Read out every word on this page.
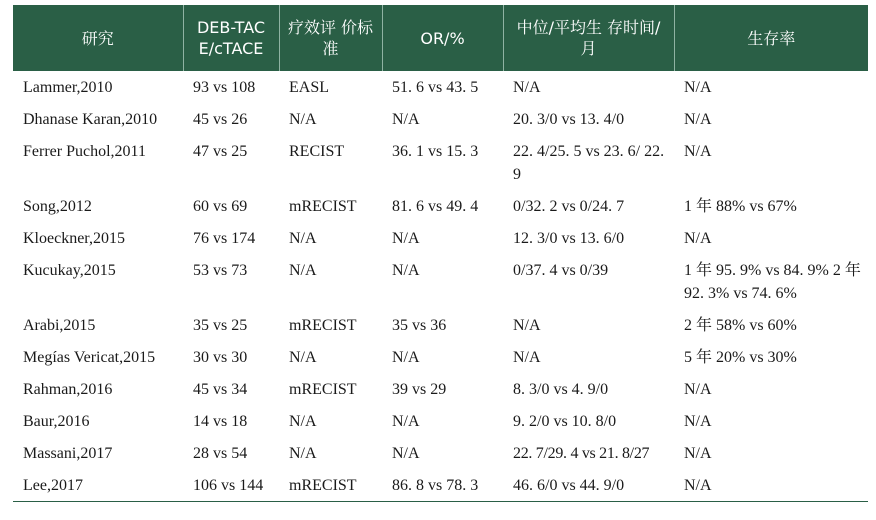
研究	DEB-TAC E/cTACE	疗效评 价标准	OR/%	中位/平均生 存时间/月	生存率
Lammer,2010	93 vs 108	EASL	51. 6 vs 43. 5	N/A	N/A
Dhanase Karan,2010	45 vs 26	N/A	N/A	20. 3/0 vs 13. 4/0	N/A
Ferrer Puchol,2011	47 vs 25	RECIST	36. 1 vs 15. 3	22. 4/25. 5 vs 23. 6/ 22. 9	N/A
Song,2012	60 vs 69	mRECIST	81. 6 vs 49. 4	0/32. 2 vs 0/24. 7	1 年 88% vs 67%
Kloeckner,2015	76 vs 174	N/A	N/A	12. 3/0 vs 13. 6/0	N/A
Kucukay,2015	53 vs 73	N/A	N/A	0/37. 4 vs 0/39	1 年 95. 9% vs 84. 9% 2 年 92. 3% vs 74. 6%
Arabi,2015	35 vs 25	mRECIST	35 vs 36	N/A	2 年 58% vs 60%
Megías Vericat,2015	30 vs 30	N/A	N/A	N/A	5 年 20% vs 30%
Rahman,2016	45 vs 34	mRECIST	39 vs 29	8. 3/0 vs 4. 9/0	N/A
Baur,2016	14 vs 18	N/A	N/A	9. 2/0 vs 10. 8/0	N/A
Massani,2017	28 vs 54	N/A	N/A	22. 7/29. 4 vs 21. 8/27	N/A
Lee,2017	106 vs 144	mRECIST	86. 8 vs 78. 3	46. 6/0 vs 44. 9/0	N/A
